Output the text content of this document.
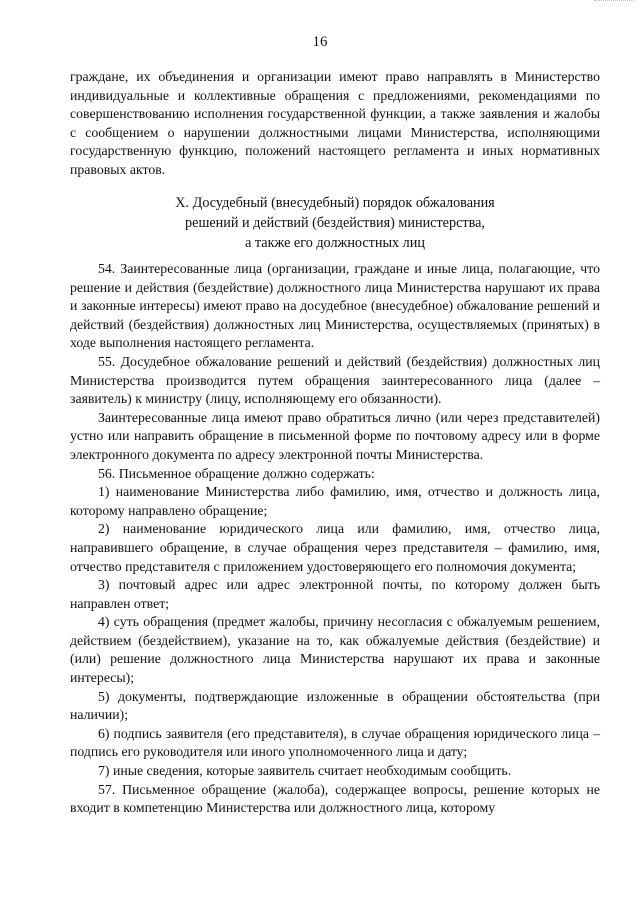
16

граждане, их объединения и организации имеют право направлять в Министерство индивидуальные и коллективные обращения с предложениями, рекомендациями по совершенствованию исполнения государственной функции, а также заявления и жалобы с сообщением о нарушении должностными лицами Министерства, исполняющими государственную функцию, положений настоящего регламента и иных нормативных правовых актов.

X. Досудебный (внесудебный) порядок обжалования
решений и действий (бездействия) министерства,
а также его должностных лиц

54. Заинтересованные лица (организации, граждане и иные лица, полагающие, что решение и действия (бездействие) должностного лица Министерства нарушают их права и законные интересы) имеют право на досудебное (внесудебное) обжалование решений и действий (бездействия) должностных лиц Министерства, осуществляемых (принятых) в ходе выполнения настоящего регламента.

55. Досудебное обжалование решений и действий (бездействия) должностных лиц Министерства производится путем обращения заинтересованного лица (далее – заявитель) к министру (лицу, исполняющему его обязанности).

Заинтересованные лица имеют право обратиться лично (или через представителей) устно или направить обращение в письменной форме по почтовому адресу или в форме электронного документа по адресу электронной почты Министерства.

56. Письменное обращение должно содержать:

1) наименование Министерства либо фамилию, имя, отчество и должность лица, которому направлено обращение;

2) наименование юридического лица или фамилию, имя, отчество лица, направившего обращение, в случае обращения через представителя – фамилию, имя, отчество представителя с приложением удостоверяющего его полномочия документа;

3) почтовый адрес или адрес электронной почты, по которому должен быть направлен ответ;

4) суть обращения (предмет жалобы, причину несогласия с обжалуемым решением, действием (бездействием), указание на то, как обжалуемые действия (бездействие) и (или) решение должностного лица Министерства нарушают их права и законные интересы);

5) документы, подтверждающие изложенные в обращении обстоятельства (при наличии);

6) подпись заявителя (его представителя), в случае обращения юридического лица – подпись его руководителя или иного уполномоченного лица и дату;

7) иные сведения, которые заявитель считает необходимым сообщить.

57. Письменное обращение (жалоба), содержащее вопросы, решение которых не входит в компетенцию Министерства или должностного лица, которому
